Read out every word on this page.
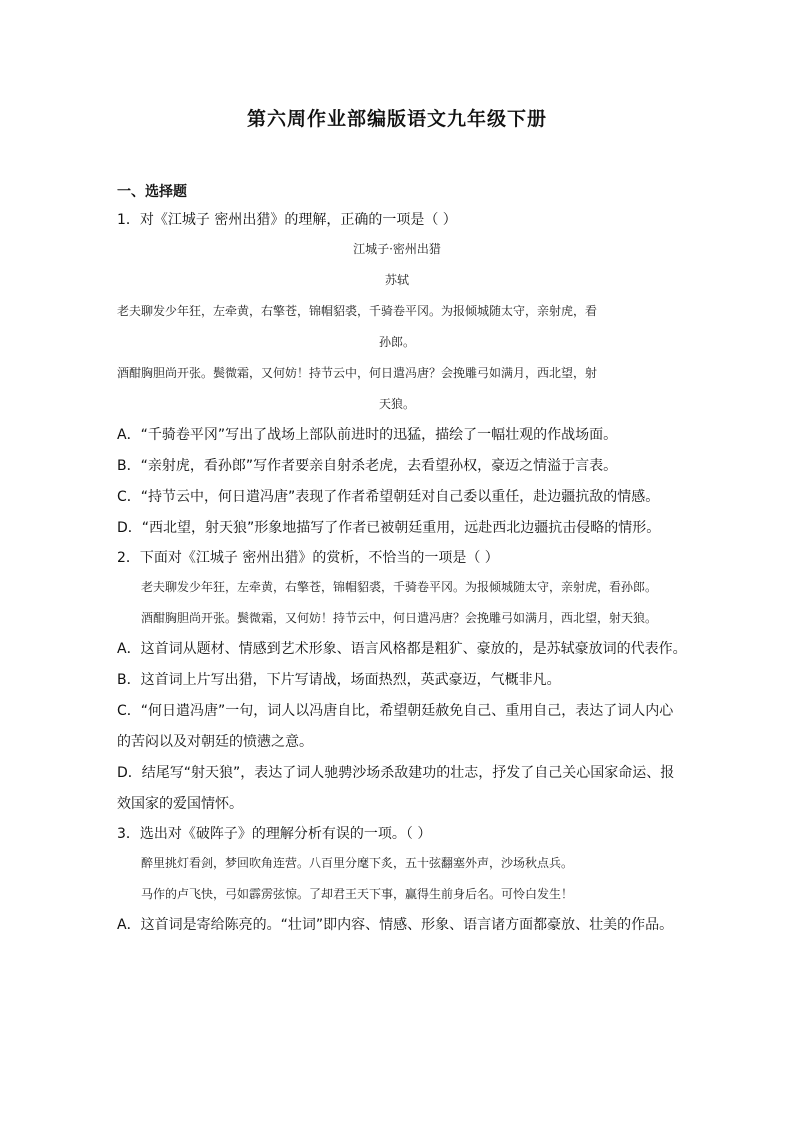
第六周作业部编版语文九年级下册
一、选择题
1．对《江城子 密州出猎》的理解，正确的一项是（ ）
江城子·密州出猎
苏轼
老夫聊发少年狂，左牵黄，右擎苍，锦帽貂裘，千骑卷平冈。为报倾城随太守，亲射虎，看
孙郎。
酒酣胸胆尚开张。鬓微霜，又何妨！持节云中，何日遣冯唐？会挽雕弓如满月，西北望，射
天狼。
A．“千骑卷平冈”写出了战场上部队前进时的迅猛，描绘了一幅壮观的作战场面。
B．“亲射虎，看孙郎”写作者要亲自射杀老虎，去看望孙权，豪迈之情溢于言表。
C．“持节云中，何日遣冯唐”表现了作者希望朝廷对自己委以重任，赴边疆抗敌的情感。
D．“西北望，射天狼”形象地描写了作者已被朝廷重用，远赴西北边疆抗击侵略的情形。
2．下面对《江城子 密州出猎》的赏析，不恰当的一项是（ ）

老夫聊发少年狂，左牵黄，右擎苍，锦帽貂裘，千骑卷平冈。为报倾城随太守，亲射虎，看孙郎。

酒酣胸胆尚开张。鬓微霜，又何妨！持节云中，何日遣冯唐？会挽雕弓如满月，西北望，射天狼。

A．这首词从题材、情感到艺术形象、语言风格都是粗犷、豪放的，是苏轼豪放词的代表作。
B．这首词上片写出猎，下片写请战，场面热烈，英武豪迈，气概非凡。
C．“何日遣冯唐”一句，词人以冯唐自比，希望朝廷赦免自己、重用自己，表达了词人内心的苦闷以及对朝廷的愤懑之意。
D．结尾写“射天狼”，表达了词人驰骋沙场杀敌建功的壮志，抒发了自己关心国家命运、报效国家的爱国情怀。
3．选出对《破阵子》的理解分析有误的一项。（ ）

醉里挑灯看剑，梦回吹角连营。八百里分麾下炙，五十弦翻塞外声，沙场秋点兵。

马作的卢飞快，弓如霹雳弦惊。了却君王天下事，赢得生前身后名。可怜白发生！

A．这首词是寄给陈亮的。“壮词”即内容、情感、形象、语言诸方面都豪放、壮美的作品。
